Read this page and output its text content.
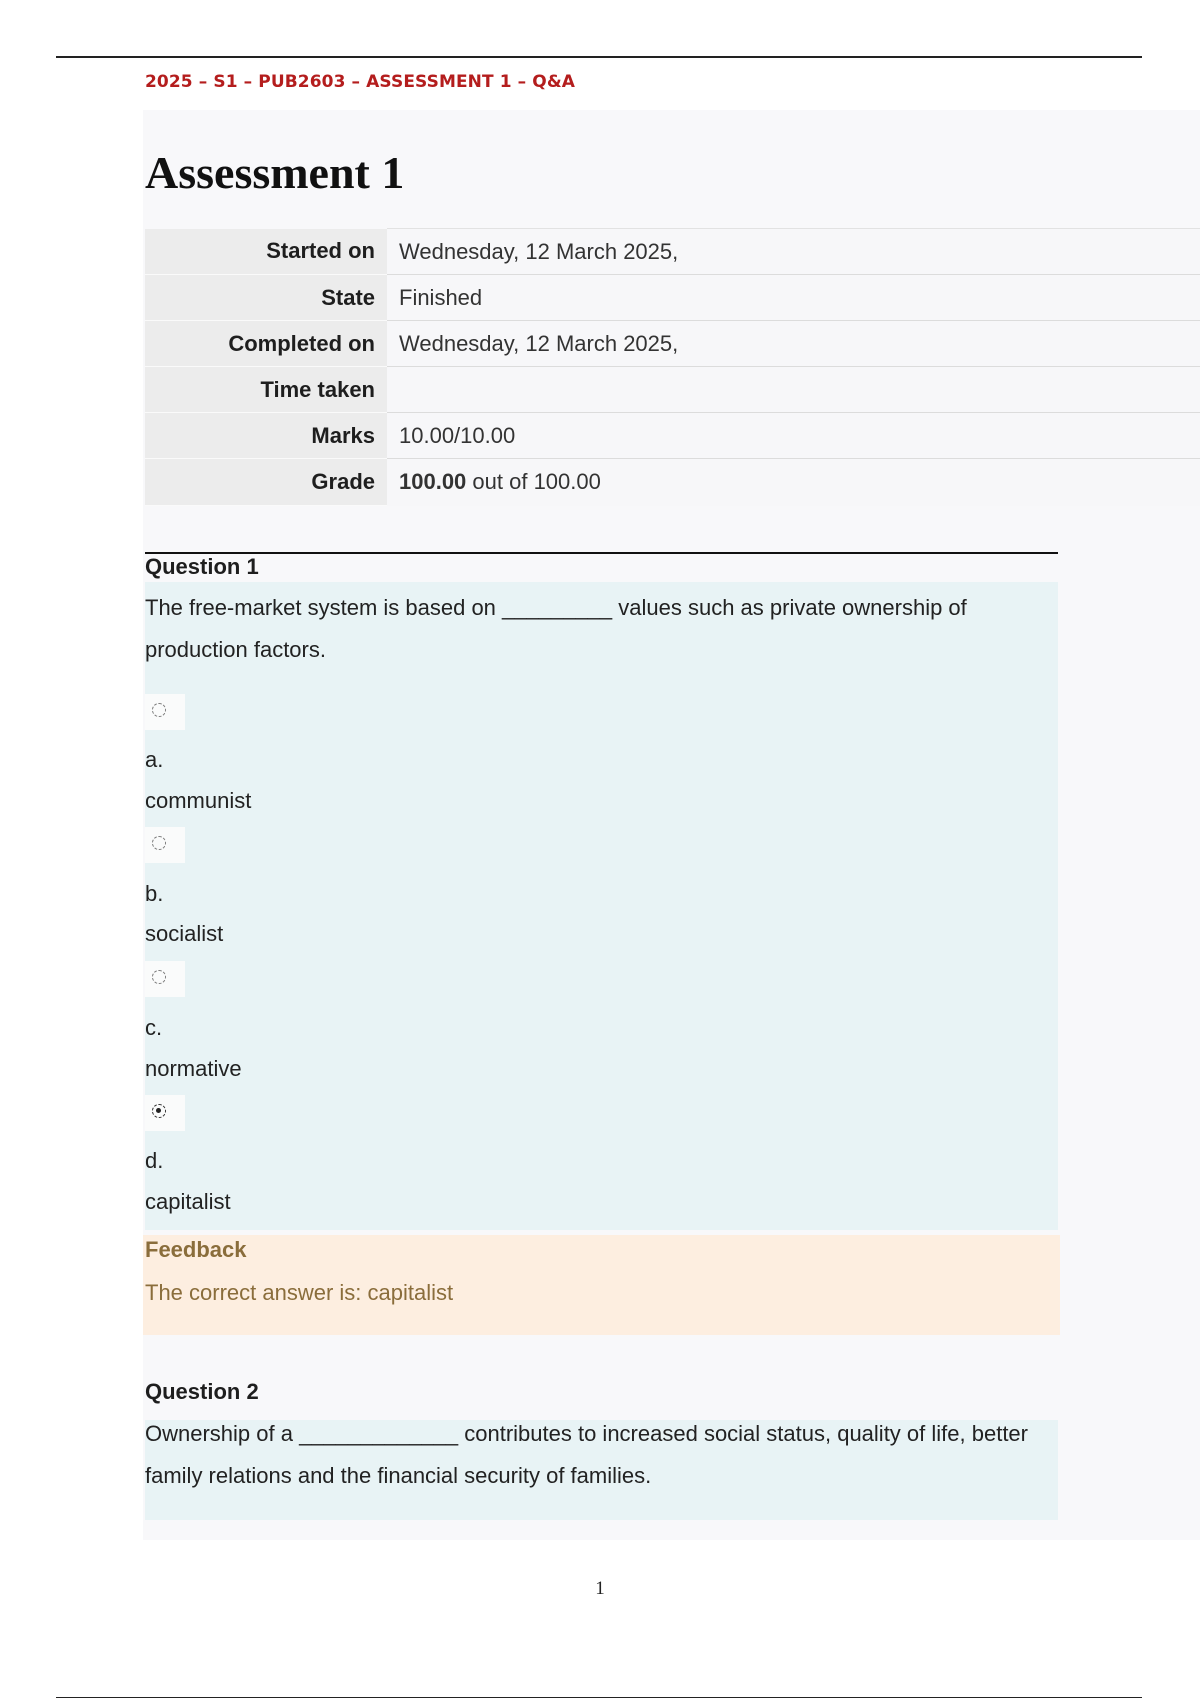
2025 – S1 – PUB2603 – ASSESSMENT 1 – Q&A
Assessment 1
Started on	Wednesday, 12 March 2025,
State	Finished
Completed on	Wednesday, 12 March 2025,
Time taken	
Marks	10.00/10.00
Grade	100.00 out of 100.00
Question 1
The free-market system is based on _________ values such as private ownership of production factors.
a.
communist
b.
socialist
c.
normative
d.
capitalist
Feedback
The correct answer is: capitalist
Question 2
Ownership of a _____________ contributes to increased social status, quality of life, better family relations and the financial security of families.
1
